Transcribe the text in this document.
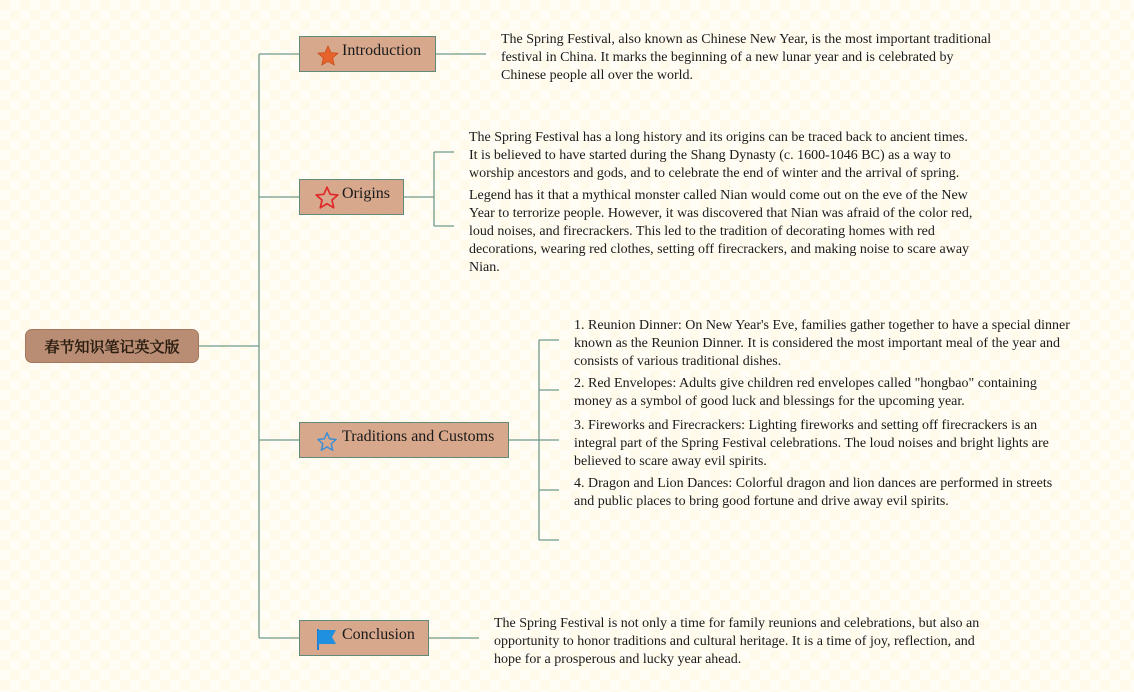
春节知识笔记英文版
Introduction
Origins
Traditions and Customs
Conclusion
The Spring Festival, also known as Chinese New Year, is the most important traditional festival in China. It marks the beginning of a new lunar year and is celebrated by Chinese people all over the world.
The Spring Festival has a long history and its origins can be traced back to ancient times. It is believed to have started during the Shang Dynasty (c. 1600-1046 BC) as a way to worship ancestors and gods, and to celebrate the end of winter and the arrival of spring.
Legend has it that a mythical monster called Nian would come out on the eve of the New Year to terrorize people. However, it was discovered that Nian was afraid of the color red, loud noises, and firecrackers. This led to the tradition of decorating homes with red decorations, wearing red clothes, setting off firecrackers, and making noise to scare away Nian.
1. Reunion Dinner: On New Year's Eve, families gather together to have a special dinner known as the Reunion Dinner. It is considered the most important meal of the year and consists of various traditional dishes.
2. Red Envelopes: Adults give children red envelopes called "hongbao" containing money as a symbol of good luck and blessings for the upcoming year.
3. Fireworks and Firecrackers: Lighting fireworks and setting off firecrackers is an integral part of the Spring Festival celebrations. The loud noises and bright lights are believed to scare away evil spirits.
4. Dragon and Lion Dances: Colorful dragon and lion dances are performed in streets and public places to bring good fortune and drive away evil spirits.
The Spring Festival is not only a time for family reunions and celebrations, but also an opportunity to honor traditions and cultural heritage. It is a time of joy, reflection, and hope for a prosperous and lucky year ahead.
